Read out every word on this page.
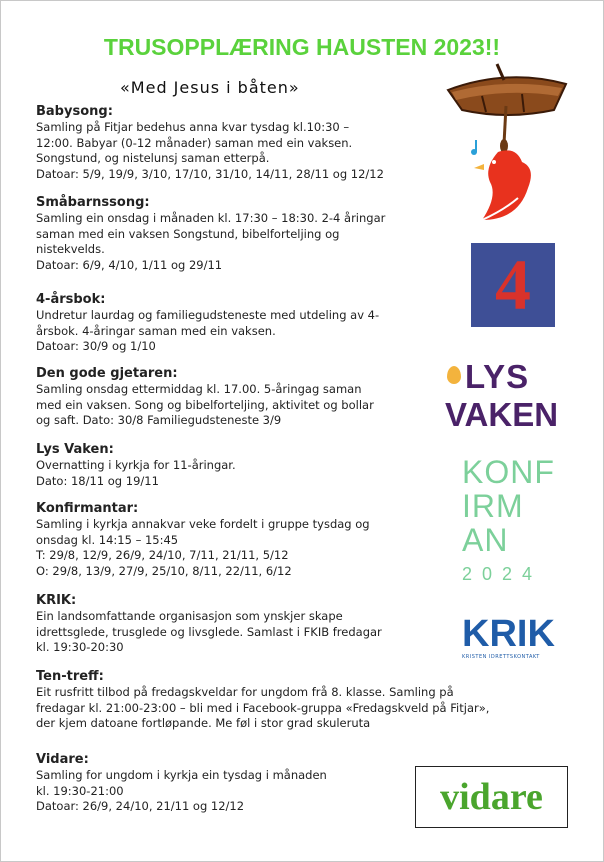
TRUSOPPLÆRING HAUSTEN 2023!!
«Med Jesus i båten»
Babysong:
Samling på Fitjar bedehus anna kvar tysdag kl.10:30 –
12:00. Babyar (0-12 månader) saman med ein vaksen.
Songstund, og nistelunsj saman etterpå.
Datoar: 5/9, 19/9, 3/10, 17/10, 31/10, 14/11, 28/11 og 12/12
Småbarnssong:
Samling ein onsdag i månaden kl. 17:30 – 18:30. 2-4 åringar
saman med ein vaksen Songstund, bibelforteljing og
nistekvelds.
Datoar: 6/9, 4/10, 1/11 og 29/11
4-årsbok:
Undretur laurdag og familiegudsteneste med utdeling av 4-
årsbok. 4-åringar saman med ein vaksen.
Datoar: 30/9 og 1/10
Den gode gjetaren:
Samling onsdag ettermiddag kl. 17.00. 5-åringag saman
med ein vaksen. Song og bibelforteljing, aktivitet og bollar
og saft. Dato: 30/8 Familiegudsteneste 3/9
Lys Vaken:
Overnatting i kyrkja for 11-åringar.
Dato: 18/11 og 19/11
Konfirmantar:
Samling i kyrkja annakvar veke fordelt i gruppe tysdag og
onsdag kl. 14:15 – 15:45
T: 29/8, 12/9, 26/9, 24/10, 7/11, 21/11, 5/12
O: 29/8, 13/9, 27/9, 25/10, 8/11, 22/11, 6/12
KRIK:
Ein landsomfattande organisasjon som ynskjer skape
idrettsglede, trusglede og livsglede. Samlast i FKIB fredagar
kl. 19:30-20:30
Ten-treff:
Eit rusfritt tilbod på fredagskveldar for ungdom frå 8. klasse. Samling på
fredagar kl. 21:00-23:00 – bli med i Facebook-gruppa «Fredagskveld på Fitjar»,
der kjem datoane fortløpande. Me føl i stor grad skuleruta
Vidare:
Samling for ungdom i kyrkja ein tysdag i månaden
kl. 19:30-21:00
Datoar: 26/9, 24/10, 21/11 og 12/12
4
LYS
VAKEN
KONF
IRM
AN
2024
KRIK
KRISTEN IDRETTSKONTAKT
vidare
